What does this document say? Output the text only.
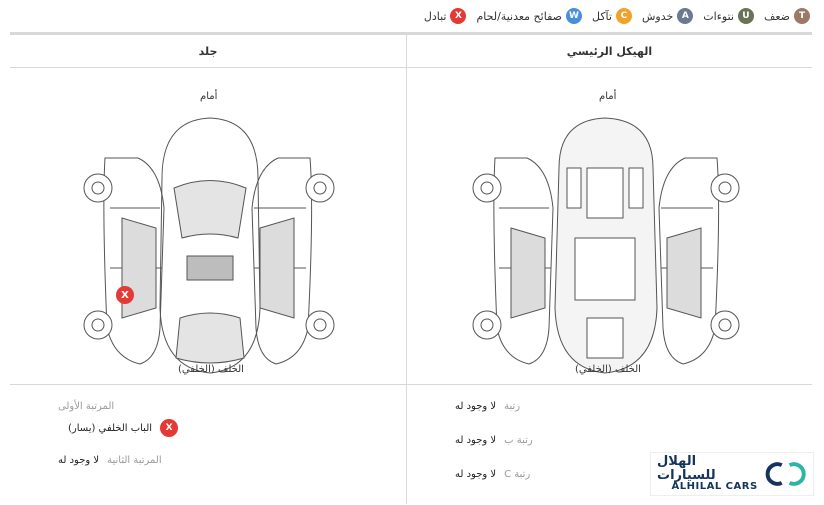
T
ضعف
U
نتوءات
A
خدوش
C
تآكل
W
صفائح معدنية/لحام
X
تبادل
جلد
أمام
الخلف (الخلفي)
X
المرتبة الأولى
X
الباب الخلفي (يسار)
المرتبة الثانية
لا وجود له
الهيكل الرئيسي
أمام
الخلف (الخلفي)
رتبة
لا وجود له
رتبة ب
لا وجود له
رتبة C
لا وجود له
الهلال للسيارات
ALHILAL CARS
